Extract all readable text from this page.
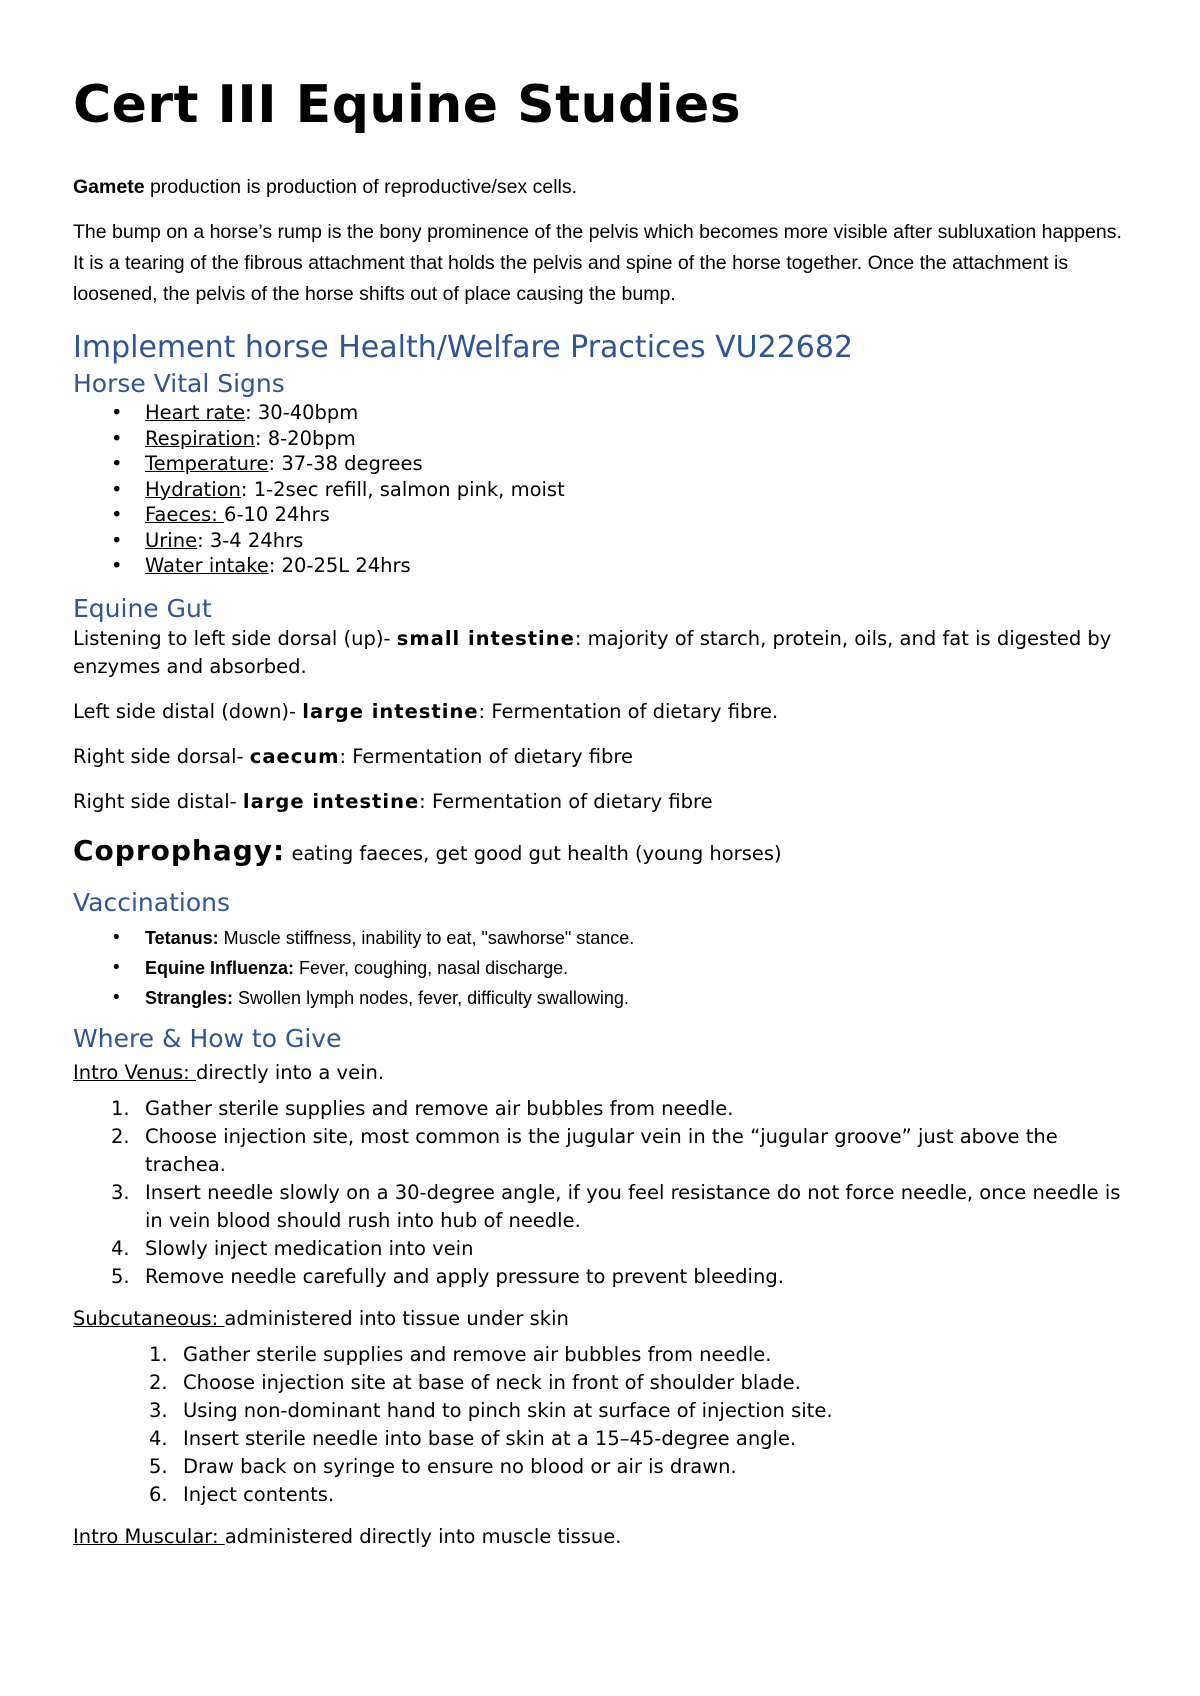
Cert III Equine Studies

Gamete production is production of reproductive/sex cells.

The bump on a horse’s rump is the bony prominence of the pelvis which becomes more visible after subluxation happens. It is a tearing of the fibrous attachment that holds the pelvis and spine of the horse together. Once the attachment is loosened, the pelvis of the horse shifts out of place causing the bump.

Implement horse Health/Welfare Practices VU22682
Horse Vital Signs
• Heart rate: 30-40bpm
• Respiration: 8-20bpm
• Temperature: 37-38 degrees
• Hydration: 1-2sec refill, salmon pink, moist
• Faeces: 6-10 24hrs
• Urine: 3-4 24hrs
• Water intake: 20-25L 24hrs
Equine Gut

Listening to left side dorsal (up)- small intestine: majority of starch, protein, oils, and fat is digested by enzymes and absorbed.

Left side distal (down)- large intestine: Fermentation of dietary fibre.

Right side dorsal- caecum: Fermentation of dietary fibre

Right side distal- large intestine: Fermentation of dietary fibre

Coprophagy: eating faeces, get good gut health (young horses)

Vaccinations
• Tetanus: Muscle stiffness, inability to eat, "sawhorse" stance.
• Equine Influenza: Fever, coughing, nasal discharge.
• Strangles: Swollen lymph nodes, fever, difficulty swallowing.
Where & How to Give

Intro Venus: directly into a vein.

1. Gather sterile supplies and remove air bubbles from needle.
2. Choose injection site, most common is the jugular vein in the “jugular groove” just above the trachea.
3. Insert needle slowly on a 30-degree angle, if you feel resistance do not force needle, once needle is in vein blood should rush into hub of needle.
4. Slowly inject medication into vein
5. Remove needle carefully and apply pressure to prevent bleeding.

Subcutaneous: administered into tissue under skin

1. Gather sterile supplies and remove air bubbles from needle.
2. Choose injection site at base of neck in front of shoulder blade.
3. Using non-dominant hand to pinch skin at surface of injection site.
4. Insert sterile needle into base of skin at a 15–45-degree angle.
5. Draw back on syringe to ensure no blood or air is drawn.
6. Inject contents.

Intro Muscular: administered directly into muscle tissue.
